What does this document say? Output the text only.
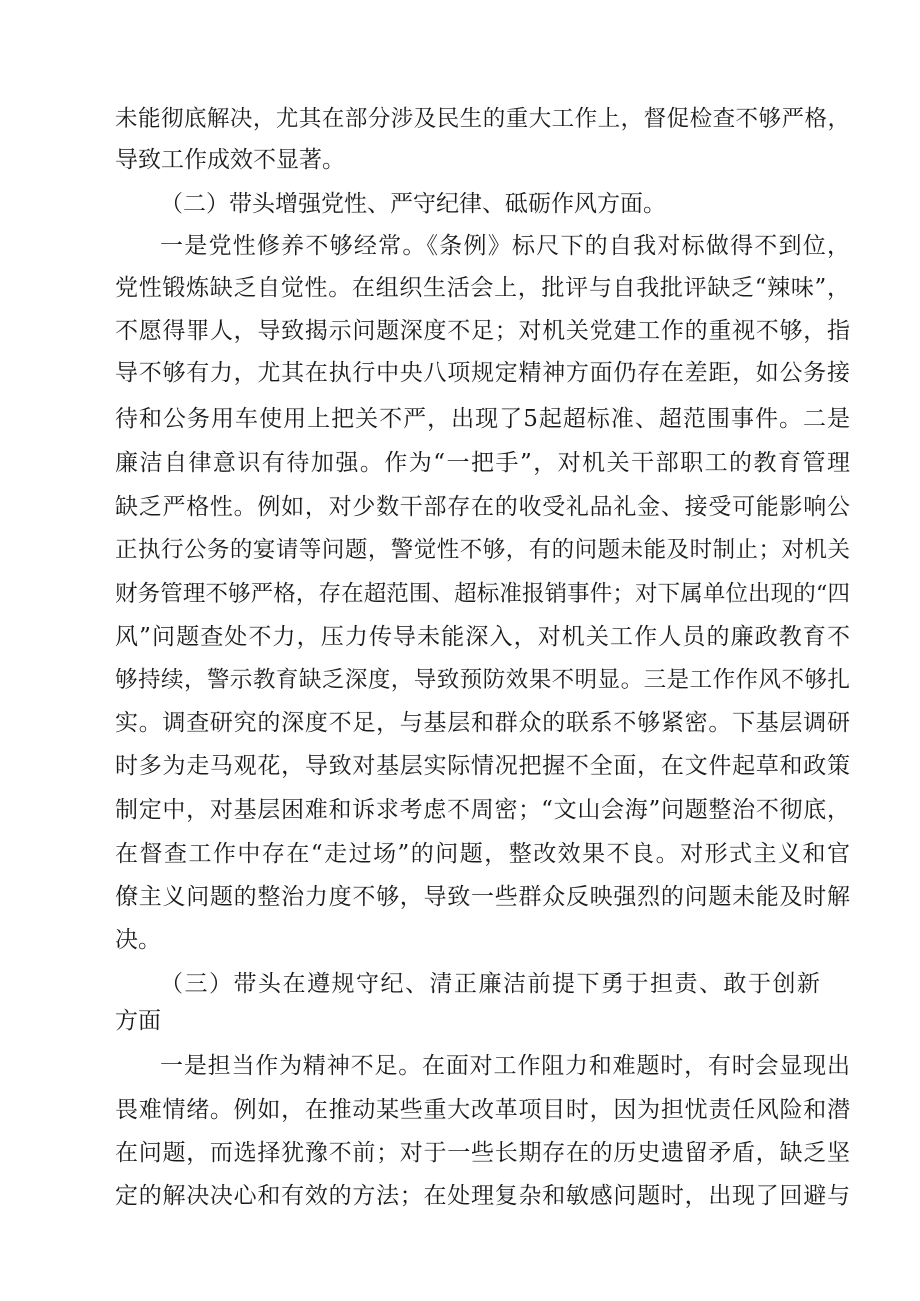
未能彻底解决，尤其在部分涉及民生的重大工作上，督促检查不够严格，
导致工作成效不显著。
（二）带头增强党性、严守纪律、砥砺作风方面。
一是党性修养不够经常。《条例》标尺下的自我对标做得不到位，
党性锻炼缺乏自觉性。在组织生活会上，批评与自我批评缺乏“辣味”，
不愿得罪人，导致揭示问题深度不足；对机关党建工作的重视不够，指
导不够有力，尤其在执行中央八项规定精神方面仍存在差距，如公务接
待和公务用车使用上把关不严，出现了5起超标准、超范围事件。二是
廉洁自律意识有待加强。作为“一把手”，对机关干部职工的教育管理
缺乏严格性。例如，对少数干部存在的收受礼品礼金、接受可能影响公
正执行公务的宴请等问题，警觉性不够，有的问题未能及时制止；对机关
财务管理不够严格，存在超范围、超标准报销事件；对下属单位出现的“四
风”问题查处不力，压力传导未能深入，对机关工作人员的廉政教育不
够持续，警示教育缺乏深度，导致预防效果不明显。三是工作作风不够扎
实。调查研究的深度不足，与基层和群众的联系不够紧密。下基层调研
时多为走马观花，导致对基层实际情况把握不全面，在文件起草和政策
制定中，对基层困难和诉求考虑不周密；“文山会海”问题整治不彻底，
在督查工作中存在“走过场”的问题，整改效果不良。对形式主义和官
僚主义问题的整治力度不够，导致一些群众反映强烈的问题未能及时解
决。
（三）带头在遵规守纪、清正廉洁前提下勇于担责、敢于创新
方面
一是担当作为精神不足。在面对工作阻力和难题时，有时会显现出
畏难情绪。例如，在推动某些重大改革项目时，因为担忧责任风险和潜
在问题，而选择犹豫不前；对于一些长期存在的历史遗留矛盾，缺乏坚
定的解决决心和有效的方法；在处理复杂和敏感问题时，出现了回避与
